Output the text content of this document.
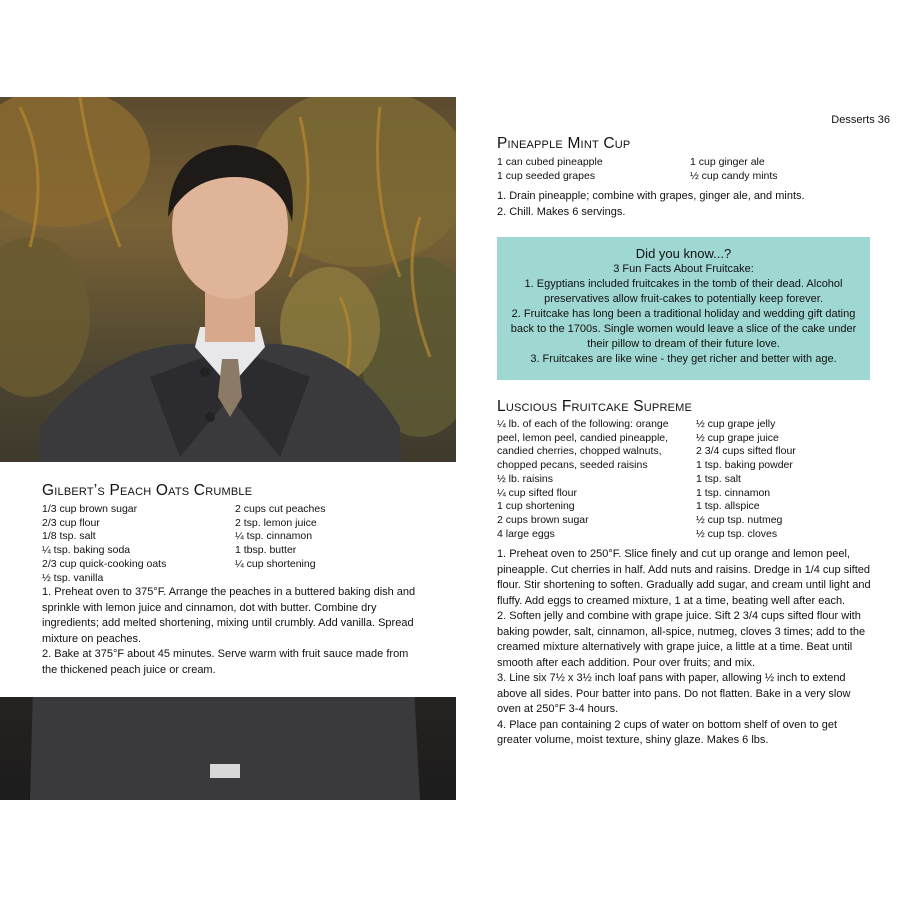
Gilbert’s Peach Oats Crumble
1/3 cup brown sugar
2/3 cup flour
1/8 tsp. salt
¼ tsp. baking soda
2/3 cup quick-cooking oats
½ tsp. vanilla

2 cups cut peaches
2 tsp. lemon juice
¼ tsp. cinnamon
1 tbsp. butter
¼ cup shortening

1. Preheat oven to 375°F. Arrange the peaches in a buttered baking dish and sprinkle with lemon juice and cinnamon, dot with butter. Combine dry ingredients; add melted shortening, mixing until crumbly. Add vanilla. Spread mixture on peaches.

2. Bake at 375°F about 45 minutes. Serve warm with fruit sauce made from the thickened peach juice or cream.

Desserts 36
Pineapple Mint Cup
1 can cubed pineapple
1 cup seeded grapes

1 cup ginger ale
½ cup candy mints

1. Drain pineapple; combine with grapes, ginger ale, and mints.

2. Chill. Makes 6 servings.

Did you know...?
3 Fun Facts About Fruitcake:
1. Egyptians included fruitcakes in the tomb of their dead. Alcohol preservatives allow fruit-cakes to potentially keep forever.
2. Fruitcake has long been a traditional holiday and wedding gift dating back to the 1700s. Single women would leave a slice of the cake under their pillow to dream of their future love.
3. Fruitcakes are like wine - they get richer and better with age.
Luscious Fruitcake Supreme
¼ lb. of each of the following: orange peel, lemon peel, candied pineapple, candied cherries, chopped walnuts, chopped pecans, seeded raisins
½ lb. raisins
¼ cup sifted flour
1 cup shortening
2 cups brown sugar
4 large eggs

½ cup grape jelly
½ cup grape juice
2 3/4 cups sifted flour
1 tsp. baking powder
1 tsp. salt
1 tsp. cinnamon
1 tsp. allspice
½ cup tsp. nutmeg
½ cup tsp. cloves

1. Preheat oven to 250°F. Slice finely and cut up orange and lemon peel, pineapple. Cut cherries in half. Add nuts and raisins. Dredge in 1/4 cup sifted flour. Stir shortening to soften. Gradually add sugar, and cream until light and fluffy. Add eggs to creamed mixture, 1 at a time, beating well after each.

2. Soften jelly and combine with grape juice. Sift 2 3/4 cups sifted flour with baking powder, salt, cinnamon, all-spice, nutmeg, cloves 3 times; add to the creamed mixture alternatively with grape juice, a little at a time. Beat until smooth after each addition. Pour over fruits; and mix.

3. Line six 7½ x 3½ inch loaf pans with paper, allowing ½ inch to extend above all sides. Pour batter into pans. Do not flatten. Bake in a very slow oven at 250°F 3-4 hours.

4. Place pan containing 2 cups of water on bottom shelf of oven to get greater volume, moist texture, shiny glaze. Makes 6 lbs.
